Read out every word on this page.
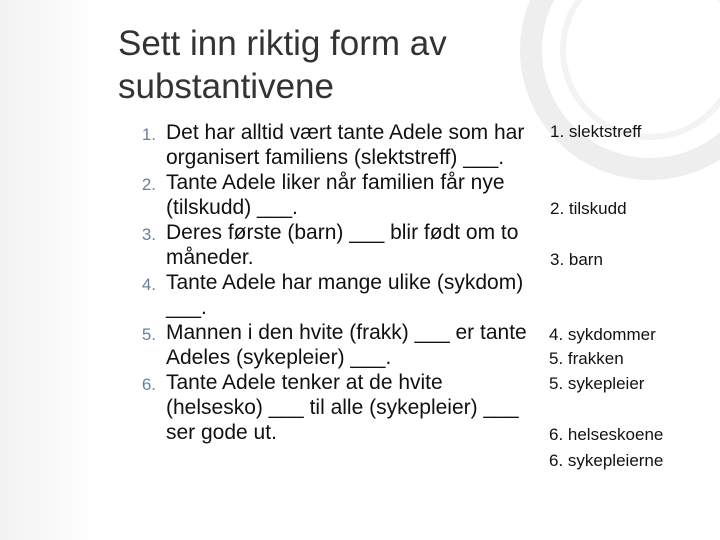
Sett inn riktig form av substantivene
1. Det har alltid vært tante Adele som har organisert familiens (slektstreff) ___.
2. Tante Adele liker når familien får nye (tilskudd) ___.
3. Deres første (barn) ___ blir født om to måneder.
4. Tante Adele har mange ulike (sykdom) ___.
5. Mannen i den hvite (frakk) ___ er tante Adeles (sykepleier) ___.
6. Tante Adele tenker at de hvite (helsesko) ___ til alle (sykepleier) ___ ser gode ut.
1. slektstreff
2. tilskudd
3. barn
4. sykdommer
5. frakken
5. sykepleier
6. helseskoene
6. sykepleierne
